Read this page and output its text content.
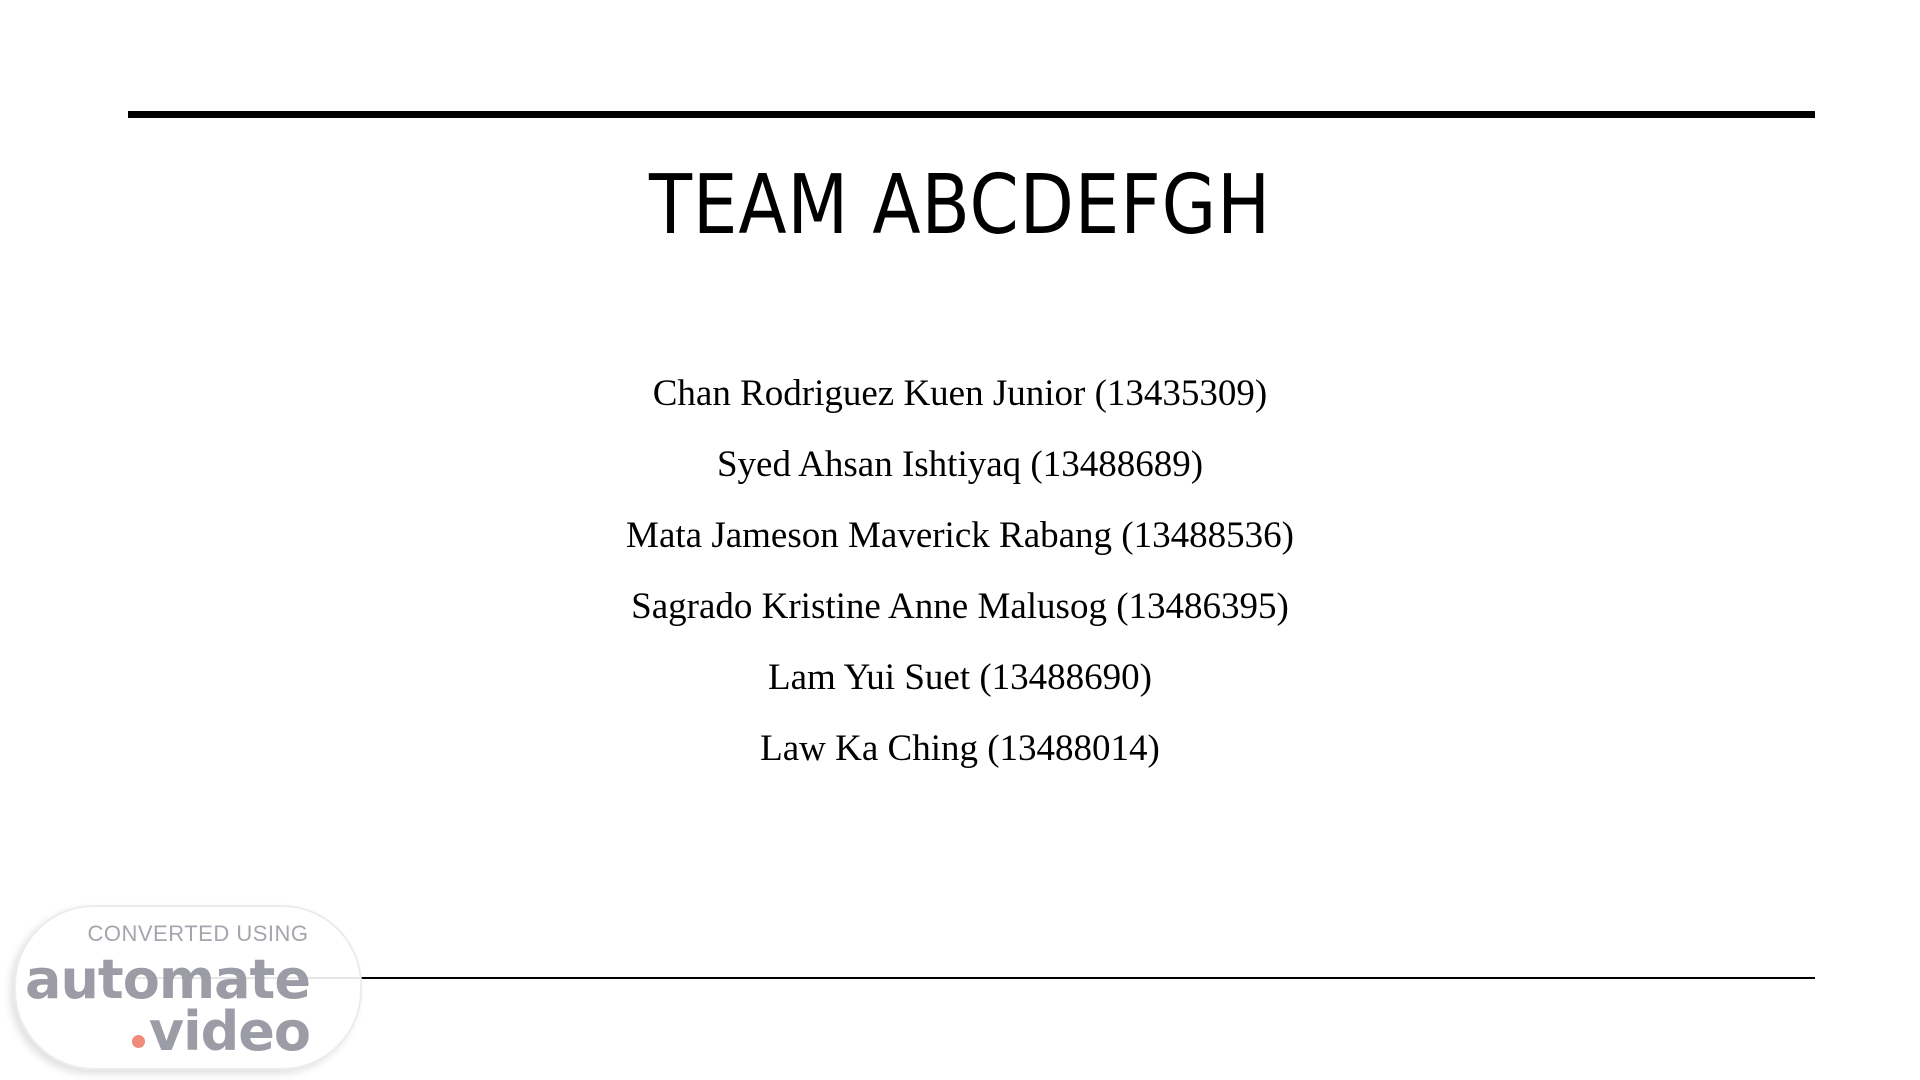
TEAM ABCDEFGH
Chan Rodriguez Kuen Junior (13435309)
Syed Ahsan Ishtiyaq (13488689)
Mata Jameson Maverick Rabang (13488536)
Sagrado Kristine Anne Malusog (13486395)
Lam Yui Suet (13488690)
Law Ka Ching (13488014)
CONVERTED USING
automate
video
